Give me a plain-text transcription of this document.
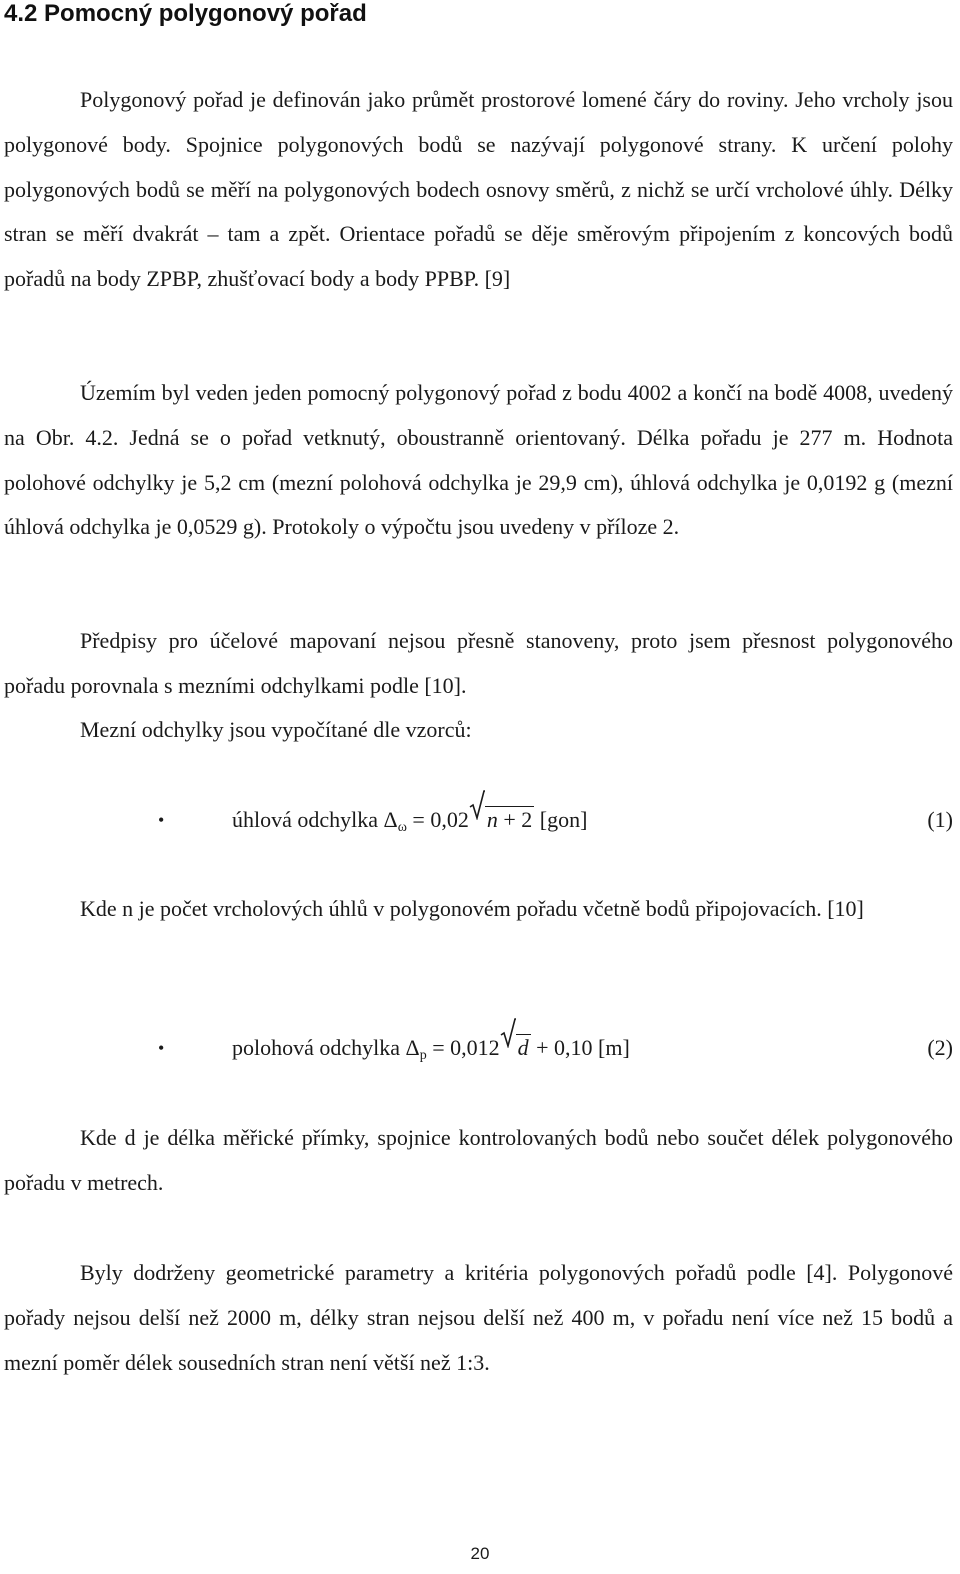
4.2 Pomocný polygonový pořad

Polygonový pořad je definován jako průmět prostorové lomené čáry do roviny. Jeho vrcholy jsou polygonové body. Spojnice polygonových bodů se nazývají polygonové strany. K určení polohy polygonových bodů se měří na polygonových bodech osnovy směrů, z nichž se určí vrcholové úhly. Délky stran se měří dvakrát – tam a zpět. Orientace pořadů se děje směrovým připojením z koncových bodů pořadů na body ZPBP, zhušťovací body a body PPBP. [9]

Územím byl veden jeden pomocný polygonový pořad z bodu 4002 a končí na bodě 4008, uvedený na Obr. 4.2. Jedná se o pořad vetknutý, oboustranně orientovaný. Délka pořadu je 277 m. Hodnota polohové odchylky je 5,2 cm (mezní polohová odchylka je 29,9 cm), úhlová odchylka je 0,0192 g (mezní úhlová odchylka je 0,0529 g). Protokoly o výpočtu jsou uvedeny v příloze 2.

Předpisy pro účelové mapovaní nejsou přesně stanoveny, proto jsem přesnost polygonového pořadu porovnala s mezními odchylkami podle [10].

Mezní odchylky jsou vypočítané dle vzorců:

•	úhlová odchylka $\Delta_\omega = 0,02$ n + 2 [gon]	(1)

Kde n je počet vrcholových úhlů v polygonovém pořadu včetně bodů připojovacích. [10]

•	polohová odchylka $\Delta_p = 0,012$ d + 0,10 [m]	(2)

Kde d je délka měřické přímky, spojnice kontrolovaných bodů nebo součet délek polygonového pořadu v metrech.

Byly dodrženy geometrické parametry a kritéria polygonových pořadů podle [4]. Polygonové pořady nejsou delší než 2000 m, délky stran nejsou delší než 400 m, v pořadu není více než 15 bodů a mezní poměr délek sousedních stran není větší než 1:3.

20
